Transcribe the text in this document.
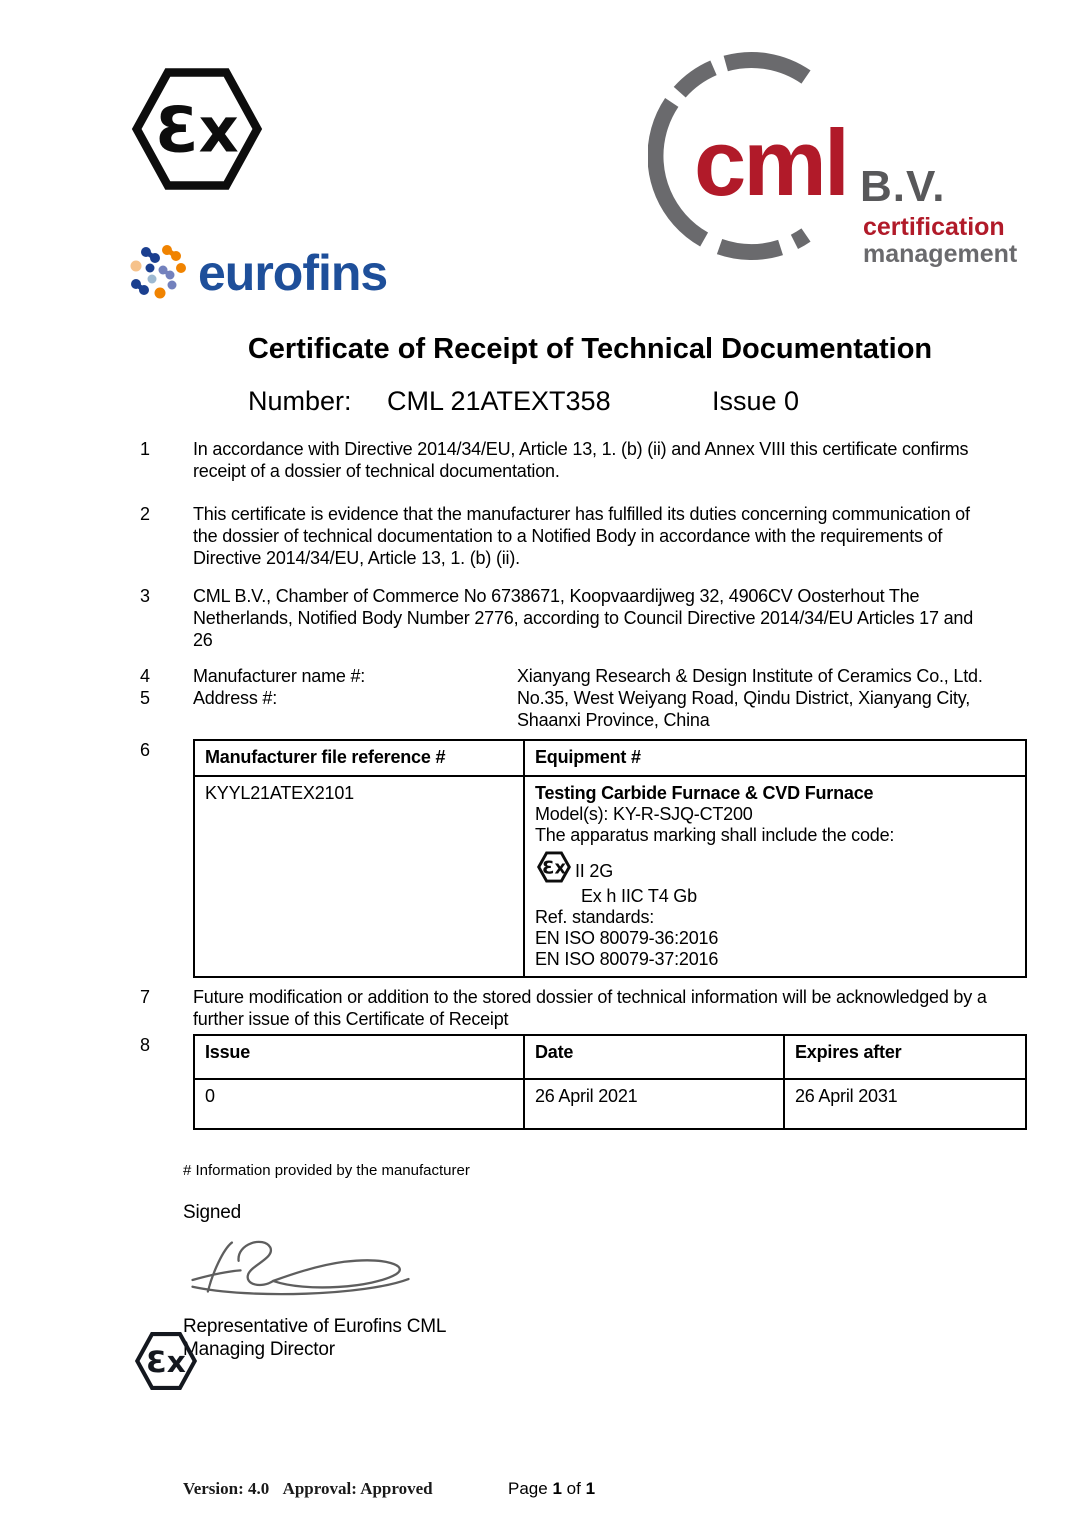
Ɛx
eurofins
cml B.V.
certification
management
Certificate of Receipt of Technical Documentation
Number: CML 21ATEXT358	Issue 0
1	In accordance with Directive 2014/34/EU, Article 13, 1. (b) (ii) and Annex VIII this certificate confirms receipt of a dossier of technical documentation.
2	This certificate is evidence that the manufacturer has fulfilled its duties concerning communication of the dossier of technical documentation to a Notified Body in accordance with the requirements of Directive 2014/34/EU, Article 13, 1. (b) (ii).
3	CML B.V., Chamber of Commerce No 6738671, Koopvaardijweg 32, 4906CV Oosterhout The Netherlands, Notified Body Number 2776, according to Council Directive 2014/34/EU Articles 17 and 26
4	Manufacturer name #:	Xianyang Research & Design Institute of Ceramics Co., Ltd.
5	Address #:	No.35, West Weiyang Road, Qindu District, Xianyang City, Shaanxi Province, China
6	Manufacturer file reference #	Equipment #
KYYL21ATEX2101	Testing Carbide Furnace & CVD Furnace
Model(s): KY-R-SJQ-CT200
The apparatus marking shall include the code:
Ɛx II 2G
Ex h IIC T4 Gb
Ref. standards:
EN ISO 80079-36:2016
EN ISO 80079-37:2016
7	Future modification or addition to the stored dossier of technical information will be acknowledged by a further issue of this Certificate of Receipt
8	Issue	Date	Expires after
0	26 April 2021	26 April 2031
# Information provided by the manufacturer
Signed
Representative of Eurofins CML
Managing Director
Ɛx
Version: 4.0 Approval: Approved	Page 1 of 1
